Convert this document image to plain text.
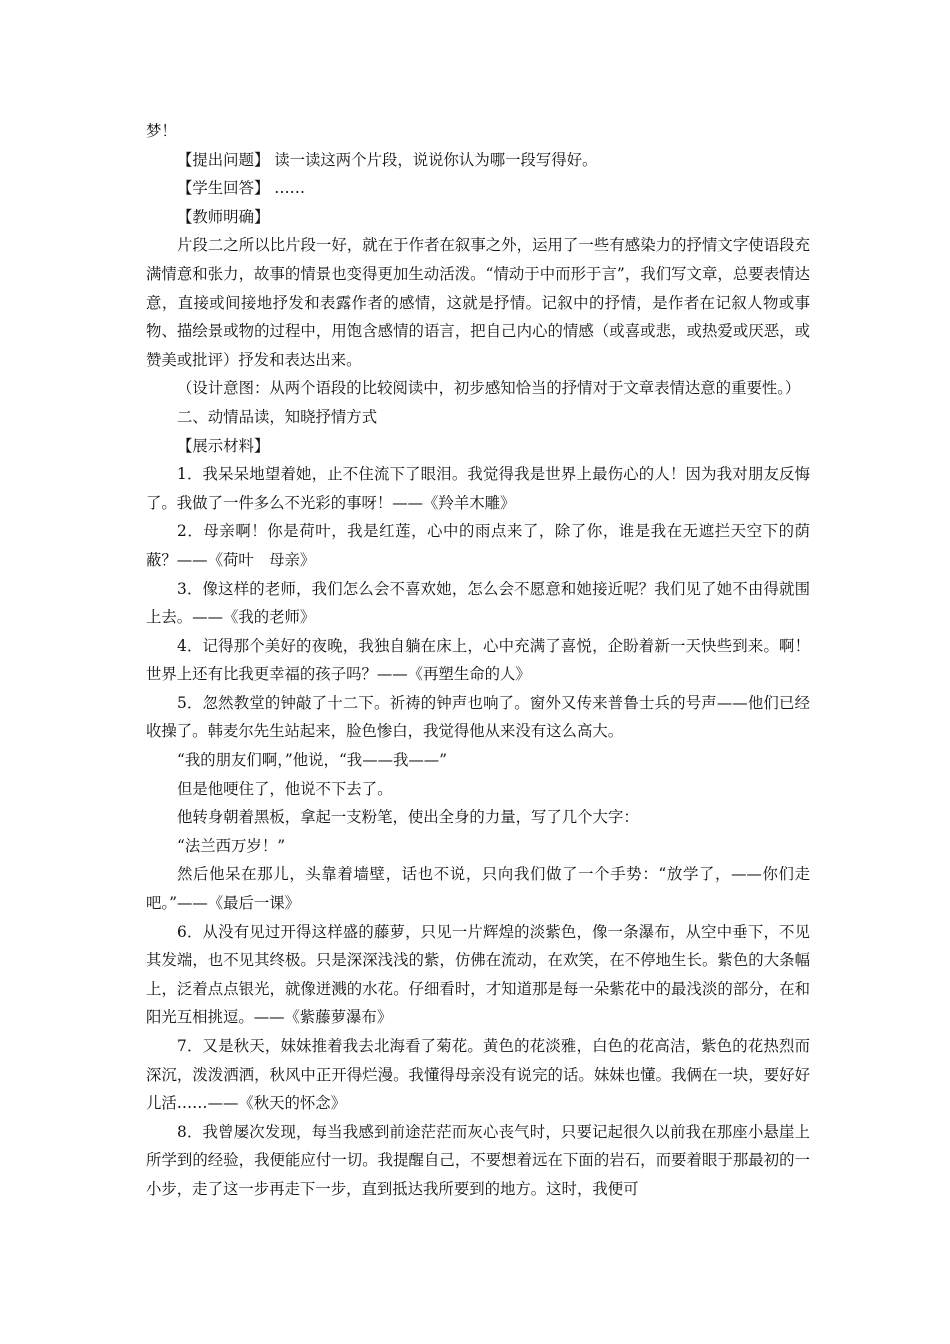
梦！

【提出问题】 读一读这两个片段，说说你认为哪一段写得好。

【学生回答】 ……

【教师明确】

片段二之所以比片段一好，就在于作者在叙事之外，运用了一些有感染力的抒情文字使语段充满情意和张力，故事的情景也变得更加生动活泼。“情动于中而形于言”，我们写文章，总要表情达意，直接或间接地抒发和表露作者的感情，这就是抒情。记叙中的抒情，是作者在记叙人物或事物、描绘景或物的过程中，用饱含感情的语言，把自己内心的情感（或喜或悲，或热爱或厌恶，或赞美或批评）抒发和表达出来。

（设计意图：从两个语段的比较阅读中，初步感知恰当的抒情对于文章表情达意的重要性。）

二、动情品读，知晓抒情方式

【展示材料】

1．我呆呆地望着她，止不住流下了眼泪。我觉得我是世界上最伤心的人！因为我对朋友反悔了。我做了一件多么不光彩的事呀！——《羚羊木雕》

2．母亲啊！你是荷叶，我是红莲，心中的雨点来了，除了你，谁是我在无遮拦天空下的荫蔽？——《荷叶　母亲》

3．像这样的老师，我们怎么会不喜欢她，怎么会不愿意和她接近呢？我们见了她不由得就围上去。——《我的老师》

4．记得那个美好的夜晚，我独自躺在床上，心中充满了喜悦，企盼着新一天快些到来。啊！世界上还有比我更幸福的孩子吗？——《再塑生命的人》

5．忽然教堂的钟敲了十二下。祈祷的钟声也响了。窗外又传来普鲁士兵的号声——他们已经收操了。韩麦尔先生站起来，脸色惨白，我觉得他从来没有这么高大。

“我的朋友们啊，”他说，“我——我——”

但是他哽住了，他说不下去了。

他转身朝着黑板，拿起一支粉笔，使出全身的力量，写了几个大字：

“法兰西万岁！”

然后他呆在那儿，头靠着墙壁，话也不说，只向我们做了一个手势：“放学了，——你们走吧。”——《最后一课》

6．从没有见过开得这样盛的藤萝，只见一片辉煌的淡紫色，像一条瀑布，从空中垂下，不见其发端，也不见其终极。只是深深浅浅的紫，仿佛在流动，在欢笑，在不停地生长。紫色的大条幅上，泛着点点银光，就像迸溅的水花。仔细看时，才知道那是每一朵紫花中的最浅淡的部分，在和阳光互相挑逗。——《紫藤萝瀑布》

7．又是秋天，妹妹推着我去北海看了菊花。黄色的花淡雅，白色的花高洁，紫色的花热烈而深沉，泼泼洒洒，秋风中正开得烂漫。我懂得母亲没有说完的话。妹妹也懂。我俩在一块，要好好儿活……——《秋天的怀念》

8．我曾屡次发现，每当我感到前途茫茫而灰心丧气时，只要记起很久以前我在那座小悬崖上所学到的经验，我便能应付一切。我提醒自己，不要想着远在下面的岩石，而要着眼于那最初的一小步，走了这一步再走下一步，直到抵达我所要到的地方。这时，我便可
